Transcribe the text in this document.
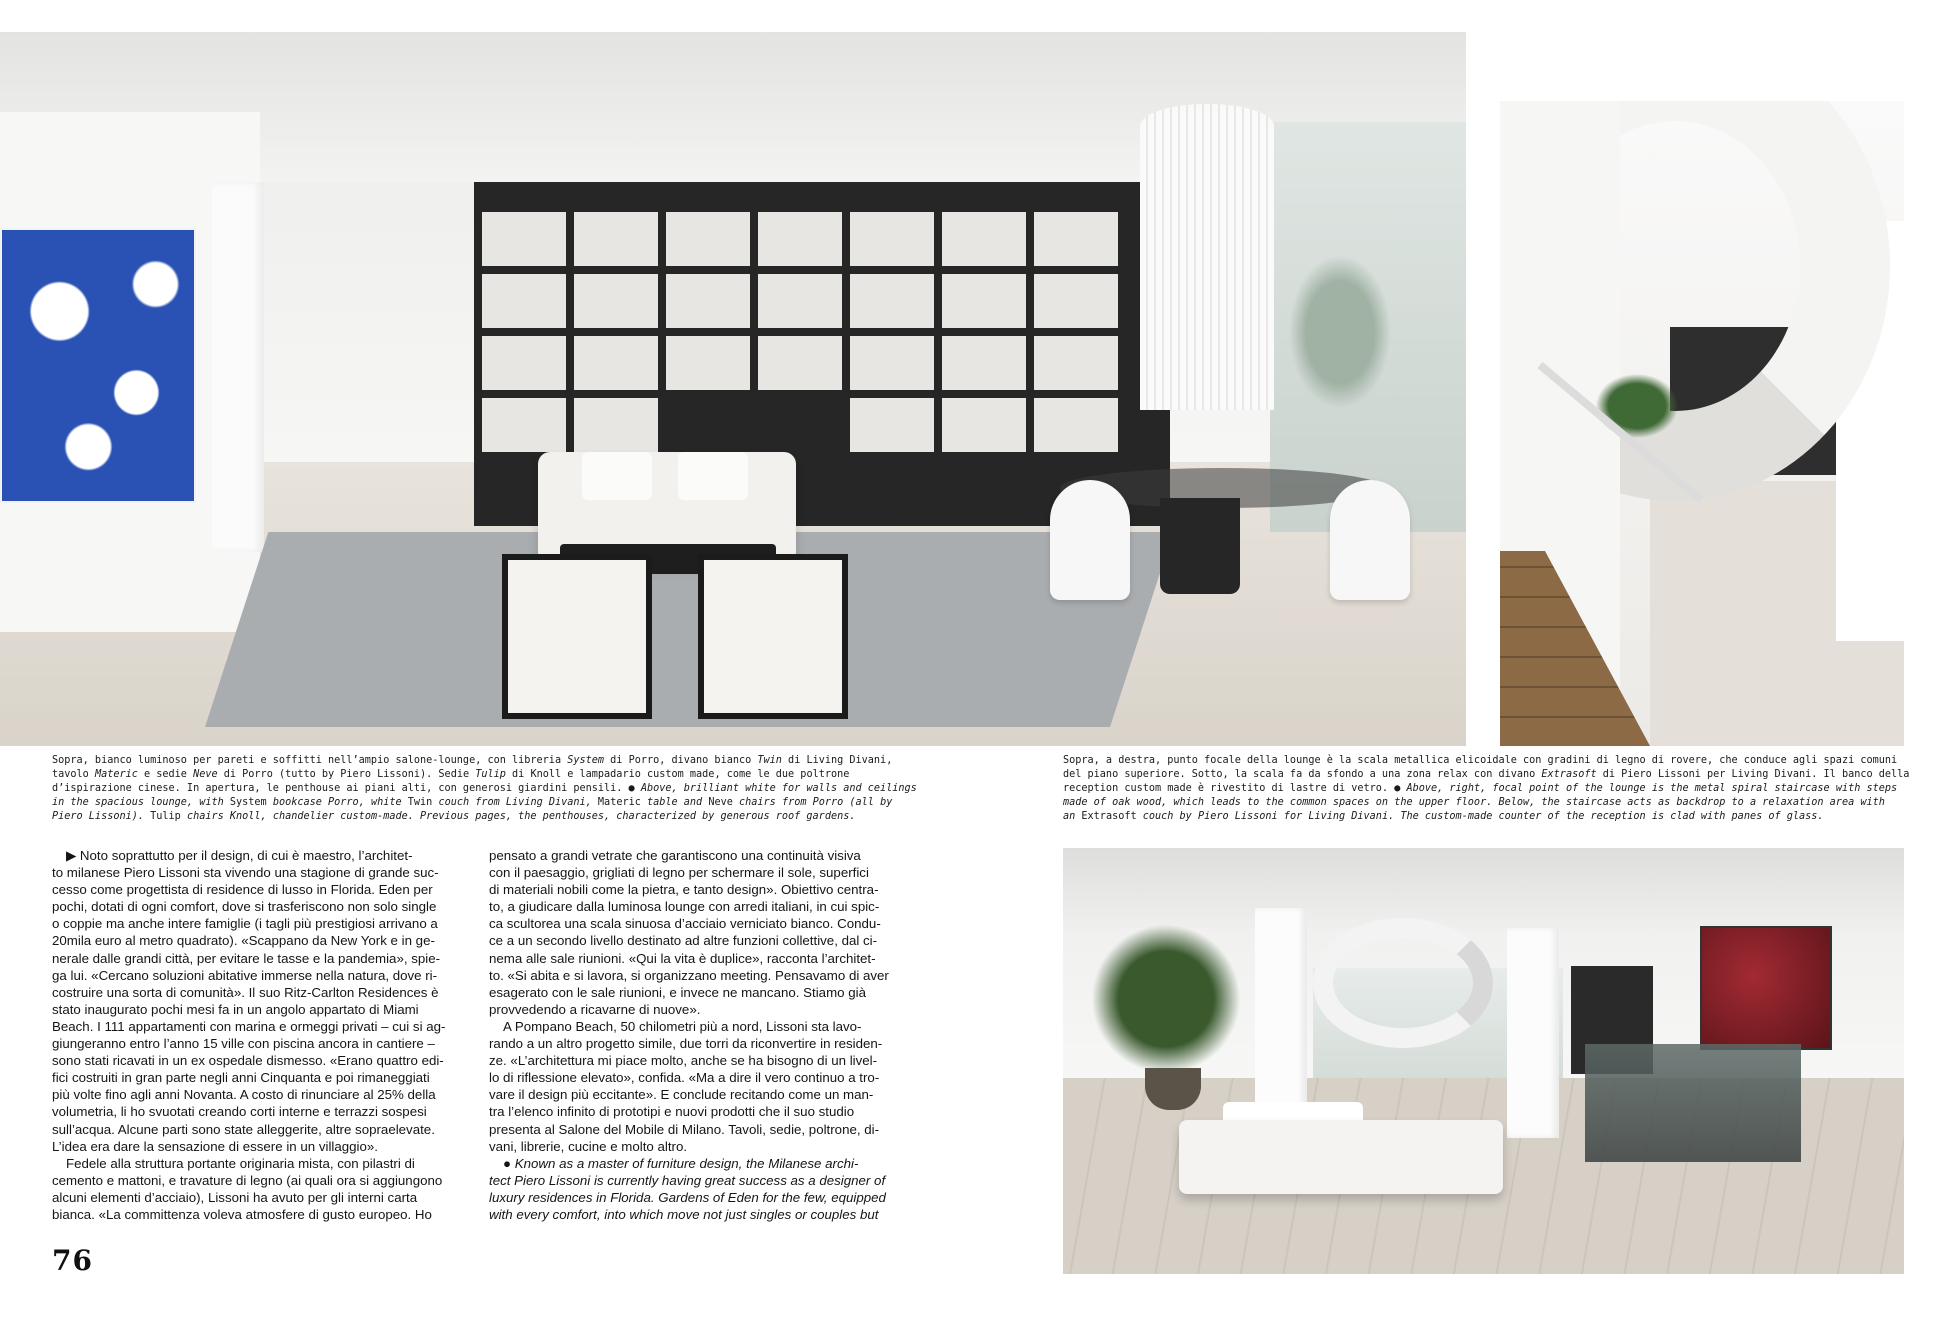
Sopra, bianco luminoso per pareti e soffitti nell’ampio salone-lounge, con libreria System di Porro, divano bianco Twin di Living Divani,
tavolo Materic e sedie Neve di Porro (tutto by Piero Lissoni). Sedie Tulip di Knoll e lampadario custom made, come le due poltrone
d’ispirazione cinese. In apertura, le penthouse ai piani alti, con generosi giardini pensili. ● Above, brilliant white for walls and ceilings
in the spacious lounge, with System bookcase Porro, white Twin couch from Living Divani, Materic table and Neve chairs from Porro (all by
Piero Lissoni). Tulip chairs Knoll, chandelier custom-made. Previous pages, the penthouses, characterized by generous roof gardens.
Sopra, a destra, punto focale della lounge è la scala metallica elicoidale con gradini di legno di rovere, che conduce agli spazi comuni
del piano superiore. Sotto, la scala fa da sfondo a una zona relax con divano Extrasoft di Piero Lissoni per Living Divani. Il banco della
reception custom made è rivestito di lastre di vetro. ● Above, right, focal point of the lounge is the metal spiral staircase with steps
made of oak wood, which leads to the common spaces on the upper floor. Below, the staircase acts as backdrop to a relaxation area with
an Extrasoft couch by Piero Lissoni for Living Divani. The custom-made counter of the reception is clad with panes of glass.
▶ Noto soprattutto per il design, di cui è maestro, l’architet-
to milanese Piero Lissoni sta vivendo una stagione di grande suc-
cesso come progettista di residence di lusso in Florida. Eden per
pochi, dotati di ogni comfort, dove si trasferiscono non solo single
o coppie ma anche intere famiglie (i tagli più prestigiosi arrivano a
20mila euro al metro quadrato). «Scappano da New York e in ge-
nerale dalle grandi città, per evitare le tasse e la pandemia», spie-
ga lui. «Cercano soluzioni abitative immerse nella natura, dove ri-
costruire una sorta di comunità». Il suo Ritz-Carlton Residences è
stato inaugurato pochi mesi fa in un angolo appartato di Miami
Beach. I 111 appartamenti con marina e ormeggi privati – cui si ag-
giungeranno entro l’anno 15 ville con piscina ancora in cantiere –
sono stati ricavati in un ex ospedale dismesso. «Erano quattro edi-
fici costruiti in gran parte negli anni Cinquanta e poi rimaneggiati
più volte fino agli anni Novanta. A costo di rinunciare al 25% della
volumetria, li ho svuotati creando corti interne e terrazzi sospesi
sull’acqua. Alcune parti sono state alleggerite, altre sopraelevate.
L’idea era dare la sensazione di essere in un villaggio».
Fedele alla struttura portante originaria mista, con pilastri di
cemento e mattoni, e travature di legno (ai quali ora si aggiungono
alcuni elementi d’acciaio), Lissoni ha avuto per gli interni carta
bianca. «La committenza voleva atmosfere di gusto europeo. Ho
pensato a grandi vetrate che garantiscono una continuità visiva
con il paesaggio, grigliati di legno per schermare il sole, superfici
di materiali nobili come la pietra, e tanto design». Obiettivo centra-
to, a giudicare dalla luminosa lounge con arredi italiani, in cui spic-
ca scultorea una scala sinuosa d’acciaio verniciato bianco. Condu-
ce a un secondo livello destinato ad altre funzioni collettive, dal ci-
nema alle sale riunioni. «Qui la vita è duplice», racconta l’architet-
to. «Si abita e si lavora, si organizzano meeting. Pensavamo di aver
esagerato con le sale riunioni, e invece ne mancano. Stiamo già
provvedendo a ricavarne di nuove».
A Pompano Beach, 50 chilometri più a nord, Lissoni sta lavo-
rando a un altro progetto simile, due torri da riconvertire in residen-
ze. «L’architettura mi piace molto, anche se ha bisogno di un livel-
lo di riflessione elevato», confida. «Ma a dire il vero continuo a tro-
vare il design più eccitante». E conclude recitando come un man-
tra l’elenco infinito di prototipi e nuovi prodotti che il suo studio
presenta al Salone del Mobile di Milano. Tavoli, sedie, poltrone, di-
vani, librerie, cucine e molto altro.
● Known as a master of furniture design, the Milanese archi-
tect Piero Lissoni is currently having great success as a designer of
luxury residences in Florida. Gardens of Eden for the few, equipped
with every comfort, into which move not just singles or couples but
76
